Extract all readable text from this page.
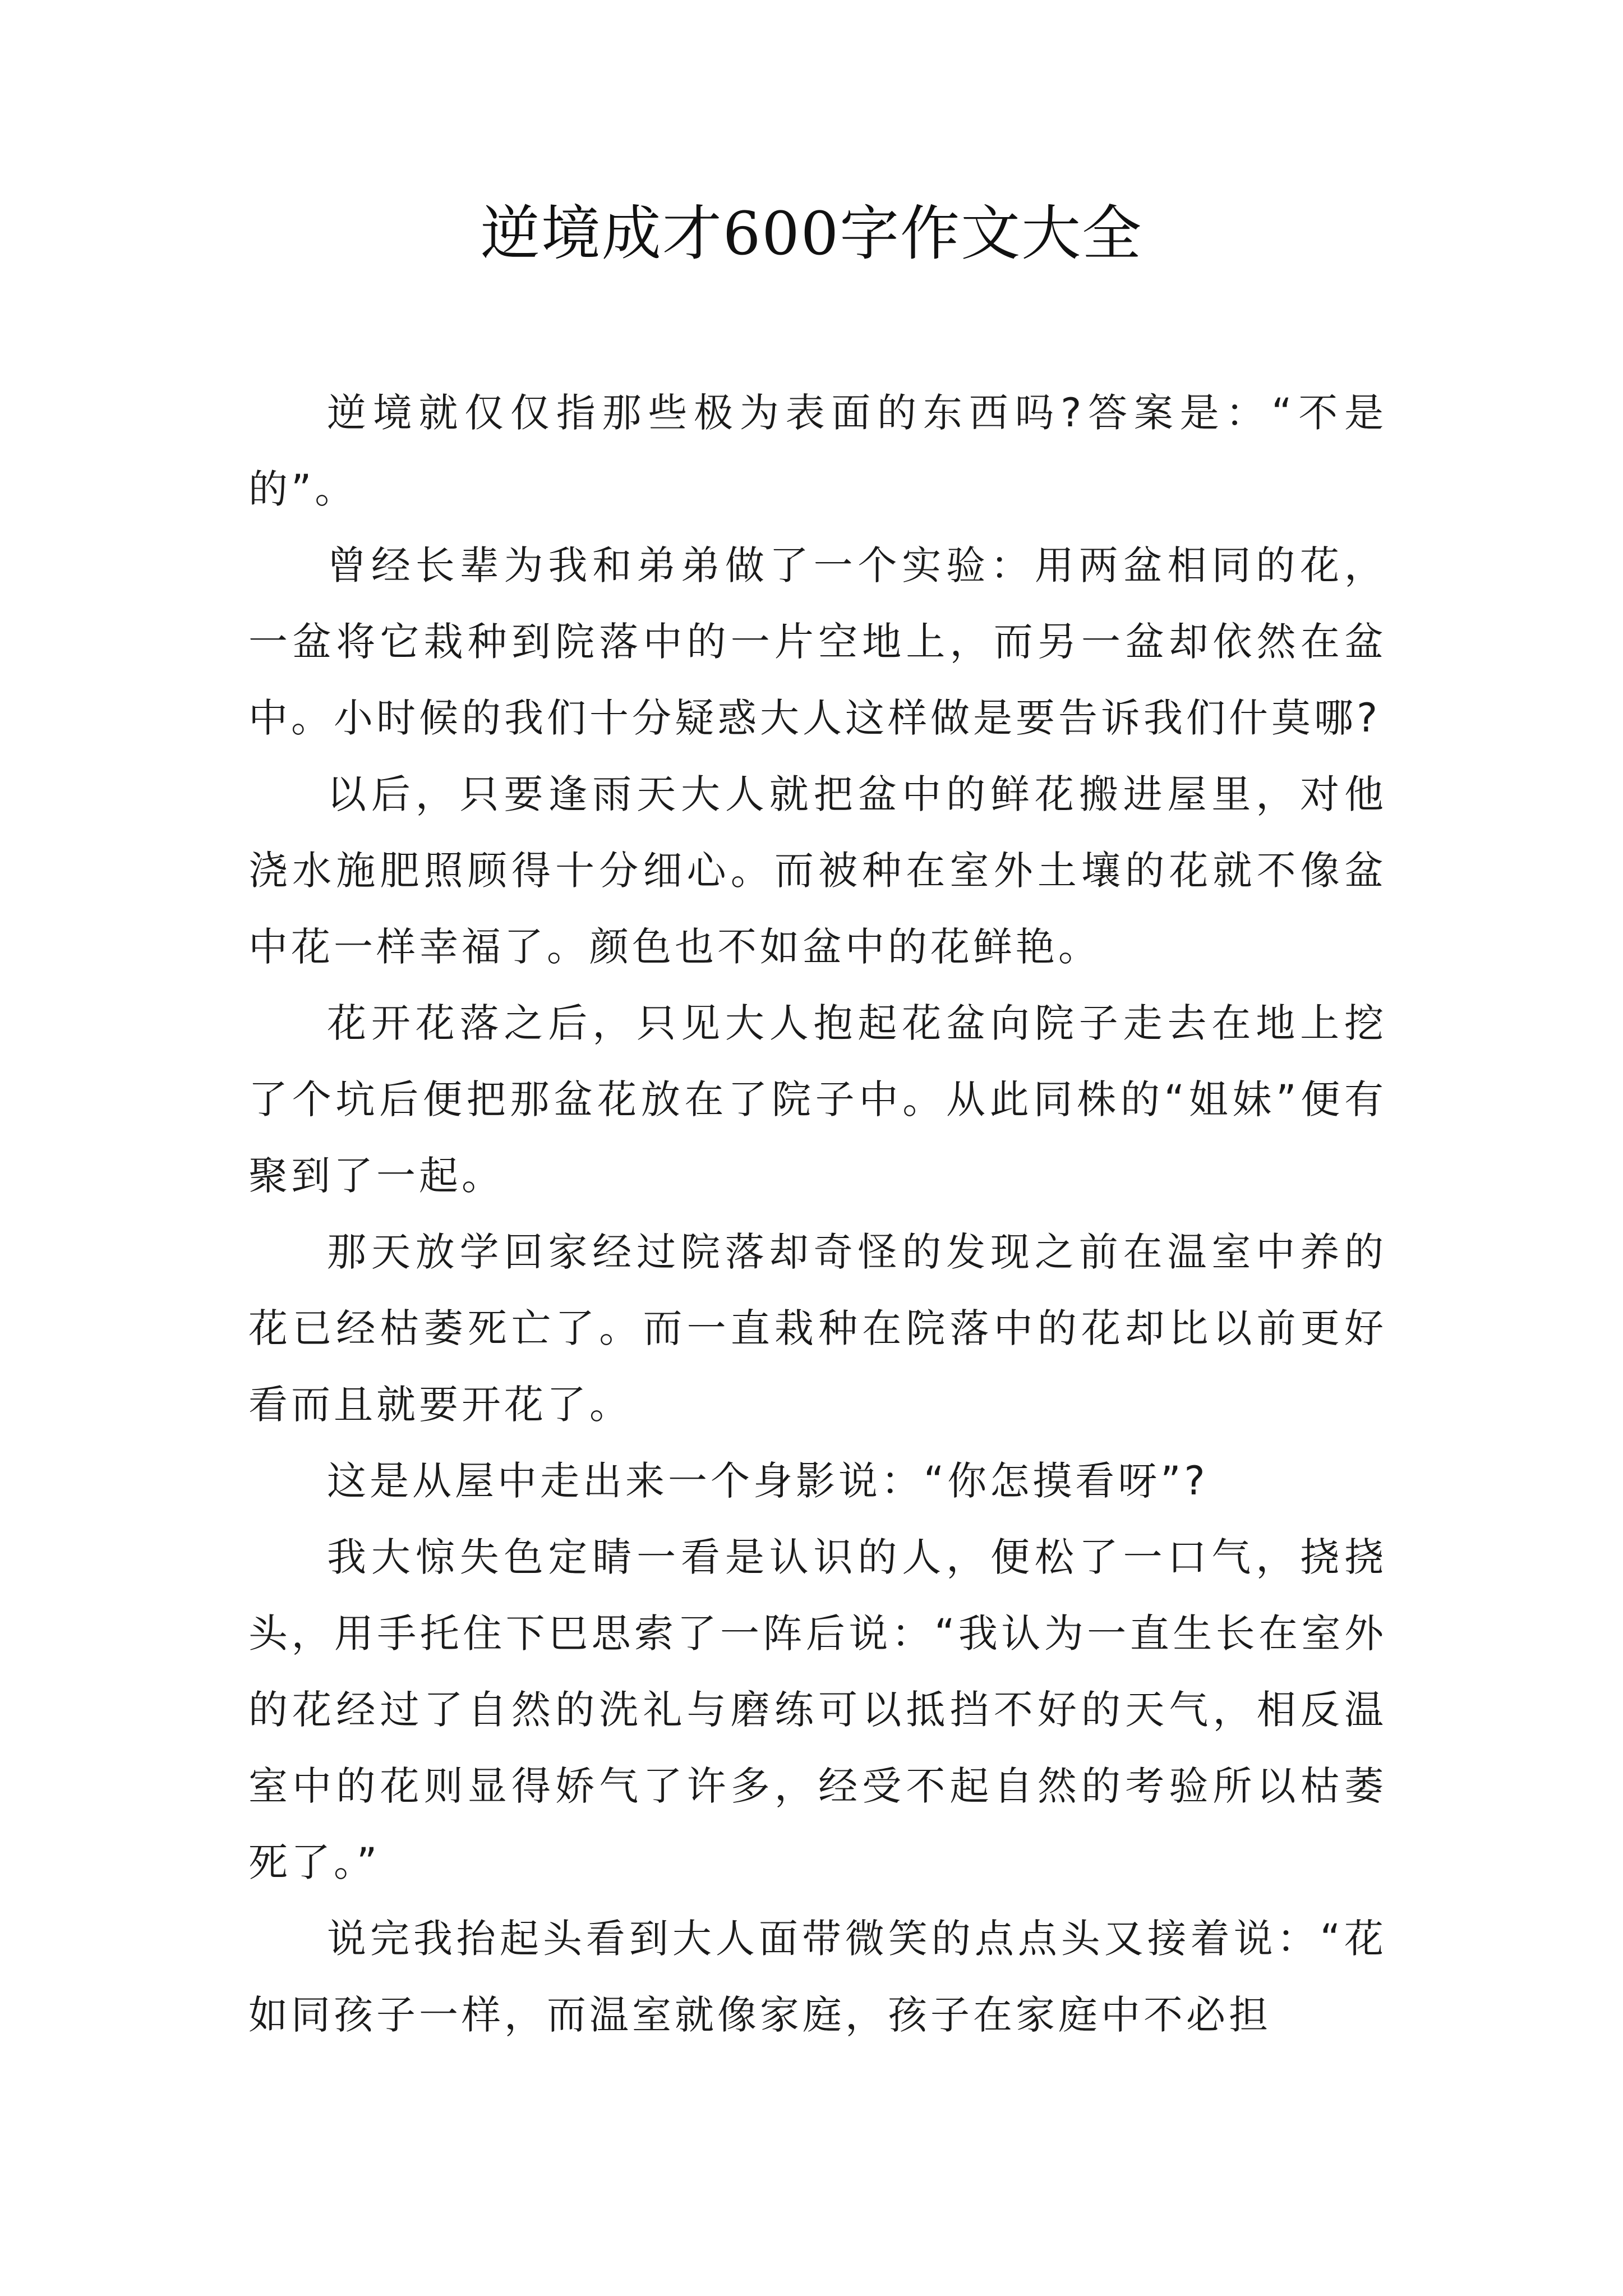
逆境成才600字作文大全

逆境就仅仅指那些极为表面的东西吗?答案是：“不是的”。

曾经长辈为我和弟弟做了一个实验：用两盆相同的花，一盆将它栽种到院落中的一片空地上，而另一盆却依然在盆中。小时候的我们十分疑惑大人这样做是要告诉我们什莫哪?

以后，只要逢雨天大人就把盆中的鲜花搬进屋里，对他浇水施肥照顾得十分细心。而被种在室外土壤的花就不像盆中花一样幸福了。颜色也不如盆中的花鲜艳。

花开花落之后，只见大人抱起花盆向院子走去在地上挖了个坑后便把那盆花放在了院子中。从此同株的“姐妹”便有聚到了一起。

那天放学回家经过院落却奇怪的发现之前在温室中养的花已经枯萎死亡了。而一直栽种在院落中的花却比以前更好看而且就要开花了。

这是从屋中走出来一个身影说：“你怎摸看呀”?

我大惊失色定睛一看是认识的人，便松了一口气，挠挠头，用手托住下巴思索了一阵后说：“我认为一直生长在室外的花经过了自然的洗礼与磨练可以抵挡不好的天气，相反温室中的花则显得娇气了许多，经受不起自然的考验所以枯萎死了。”

说完我抬起头看到大人面带微笑的点点头又接着说：“花如同孩子一样，而温室就像家庭，孩子在家庭中不必担
